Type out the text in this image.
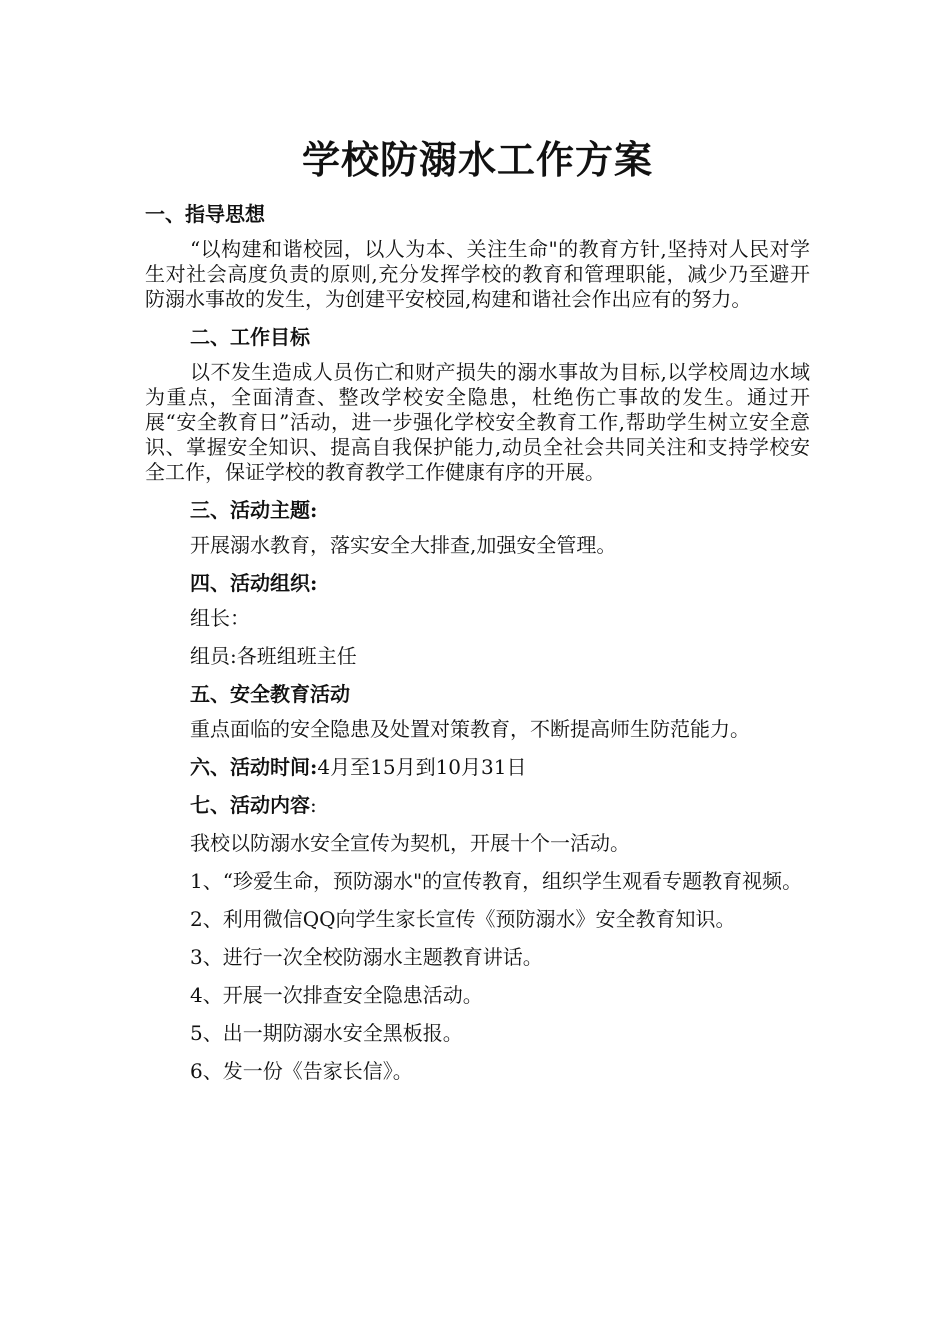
学校防溺水工作方案

一、指导思想

“以构建和谐校园，以人为本、关注生命"的教育方针,坚持对人民对学生对社会高度负责的原则,充分发挥学校的教育和管理职能，减少乃至避开防溺水事故的发生，为创建平安校园,构建和谐社会作出应有的努力。

二、工作目标

以不发生造成人员伤亡和财产损失的溺水事故为目标,以学校周边水域为重点，全面清查、整改学校安全隐患，杜绝伤亡事故的发生。通过开展“安全教育日”活动，进一步强化学校安全教育工作,帮助学生树立安全意识、掌握安全知识、提高自我保护能力,动员全社会共同关注和支持学校安全工作，保证学校的教育教学工作健康有序的开展。

三、活动主题:

开展溺水教育，落实安全大排查,加强安全管理。

四、活动组织:

组长：

组员:各班组班主任

五、安全教育活动

重点面临的安全隐患及处置对策教育，不断提高师生防范能力。

六、活动时间:4月至15月到10月31日

七、活动内容:

我校以防溺水安全宣传为契机，开展十个一活动。

1、“珍爱生命，预防溺水"的宣传教育，组织学生观看专题教育视频。

2、利用微信QQ向学生家长宣传《预防溺水》安全教育知识。

3、进行一次全校防溺水主题教育讲话。

4、开展一次排查安全隐患活动。

5、出一期防溺水安全黑板报。

6、发一份《告家长信》。
